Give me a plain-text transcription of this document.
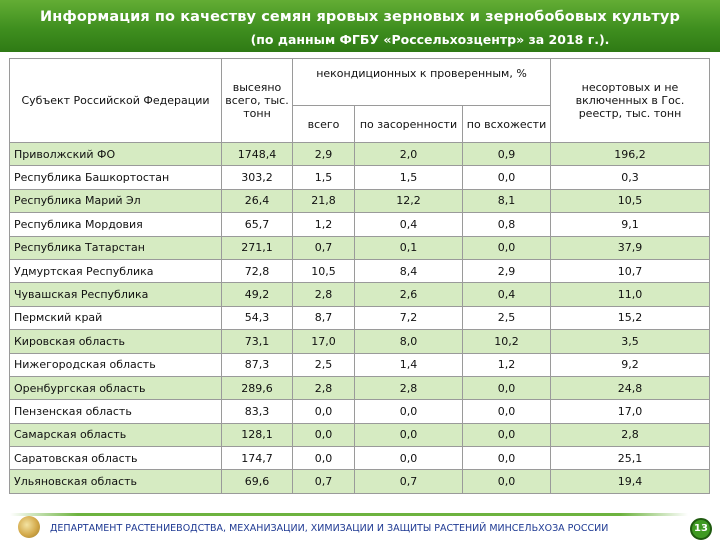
Информация по качеству семян яровых зерновых и зернобобовых культур
(по данным ФГБУ «Россельхозцентр» за 2018 г.).
Субъект Российской Федерации	высеяно всего, тыс. тонн	некондиционных к проверенным, %			несортовых и не включенных в Гос. реестр, тыс. тонн
		всего	по засоренности	по всхожести	
Приволжский ФО	1748,4	2,9	2,0	0,9	196,2
Республика Башкортостан	303,2	1,5	1,5	0,0	0,3
Республика Марий Эл	26,4	21,8	12,2	8,1	10,5
Республика Мордовия	65,7	1,2	0,4	0,8	9,1
Республика Татарстан	271,1	0,7	0,1	0,0	37,9
Удмуртская Республика	72,8	10,5	8,4	2,9	10,7
Чувашская Республика	49,2	2,8	2,6	0,4	11,0
Пермский край	54,3	8,7	7,2	2,5	15,2
Кировская область	73,1	17,0	8,0	10,2	3,5
Нижегородская область	87,3	2,5	1,4	1,2	9,2
Оренбургская область	289,6	2,8	2,8	0,0	24,8
Пензенская область	83,3	0,0	0,0	0,0	17,0
Самарская область	128,1	0,0	0,0	0,0	2,8
Саратовская область	174,7	0,0	0,0	0,0	25,1
Ульяновская область	69,6	0,7	0,7	0,0	19,4
ДЕПАРТАМЕНТ РАСТЕНИЕВОДСТВА, МЕХАНИЗАЦИИ, ХИМИЗАЦИИ И ЗАЩИТЫ РАСТЕНИЙ МИНСЕЛЬХОЗА РОССИИ	13
